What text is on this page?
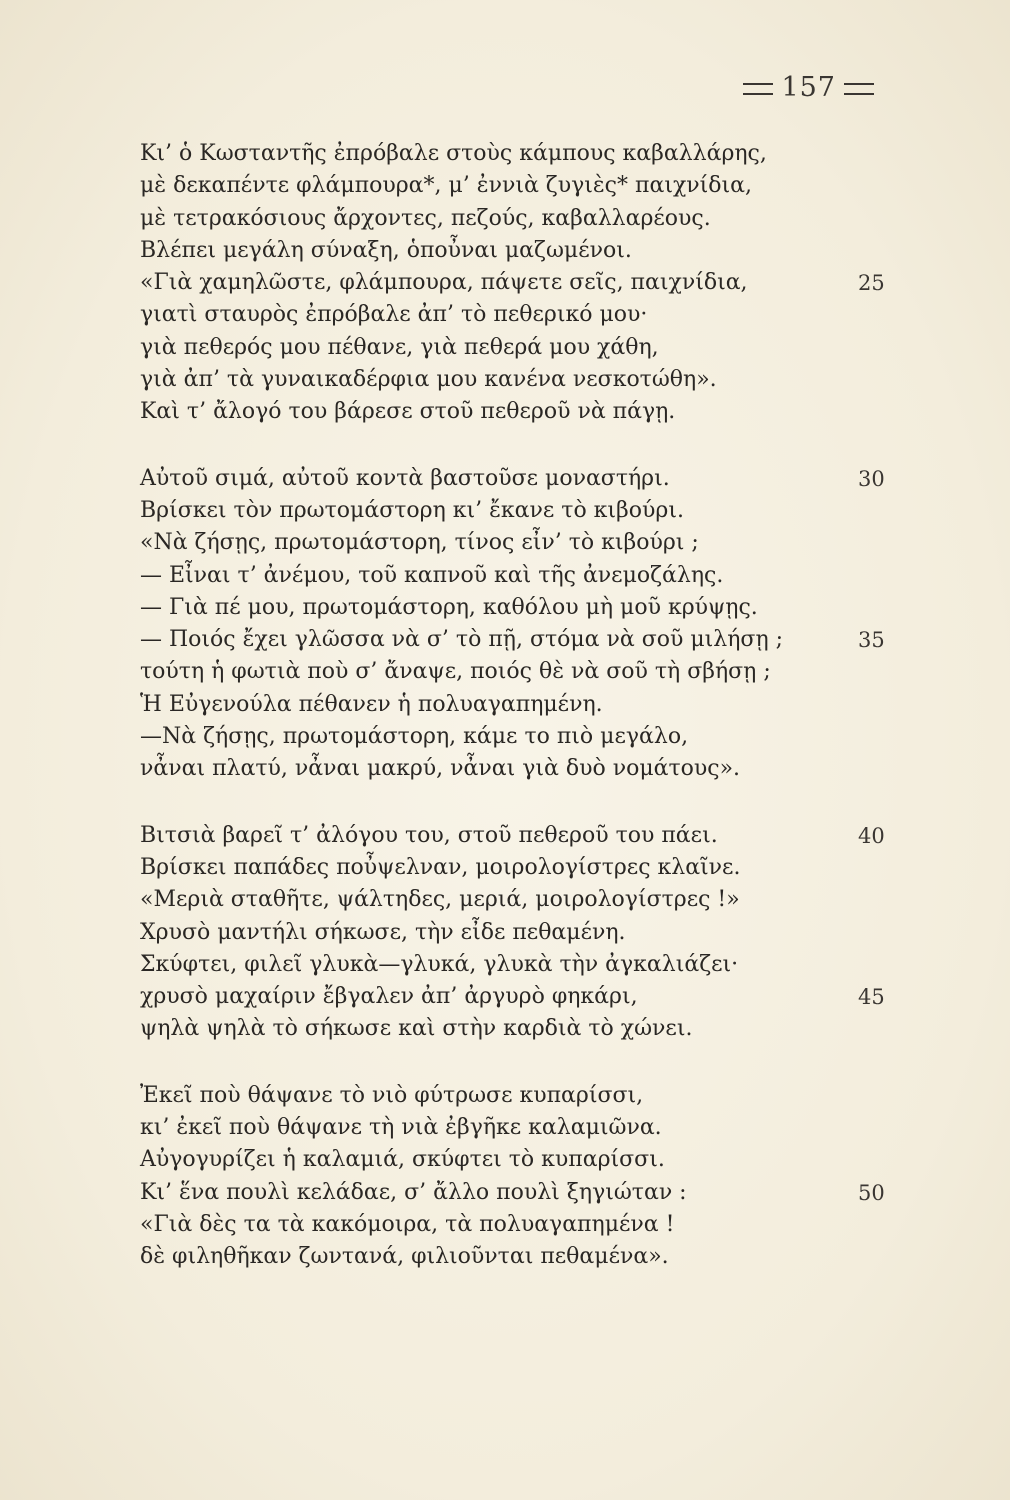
157
Κι’ ὁ Κωσταντῆς ἐπρόβαλε στοὺς κάμπους καβαλλάρης,
μὲ δεκαπέντε φλάμπουρα*, μ’ ἐννιὰ ζυγιὲς* παιχνίδια,
μὲ τετρακόσιους ἄρχοντες, πεζούς, καβαλλαρέους.
Βλέπει μεγάλη σύναξη, ὁποὖναι μαζωμένοι.
«Γιὰ χαμηλῶστε, φλάμπουρα, πάψετε σεῖς, παιχνίδια,	25
γιατὶ σταυρὸς ἐπρόβαλε ἀπ’ τὸ πεθερικό μου·
γιὰ πεθερός μου πέθανε, γιὰ πεθερά μου χάθη,
γιὰ ἀπ’ τὰ γυναικαδέρφια μου κανένα νεσκοτώθη».
Καὶ τ’ ἄλογό του βάρεσε στοῦ πεθεροῦ νὰ πάγῃ.
Αὐτοῦ σιμά, αὐτοῦ κοντὰ βαστοῦσε μοναστήρι.	30
Βρίσκει τὸν πρωτομάστορη κι’ ἔκανε τὸ κιβούρι.
«Νὰ ζήσῃς, πρωτομάστορη, τίνος εἶν’ τὸ κιβούρι ;
— Εἶναι τ’ ἀνέμου, τοῦ καπνοῦ καὶ τῆς ἀνεμοζάλης.
— Γιὰ πέ μου, πρωτομάστορη, καθόλου μὴ μοῦ κρύψῃς.
— Ποιός ἔχει γλῶσσα νὰ σ’ τὸ πῇ, στόμα νὰ σοῦ μιλήσῃ ;	35
τούτη ἡ φωτιὰ ποὺ σ’ ἄναψε, ποιός θὲ νὰ σοῦ τὴ σβήσῃ ;
Ἡ Εὐγενούλα πέθανεν ἡ πολυαγαπημένη.
—Νὰ ζήσῃς, πρωτομάστορη, κάμε το πιὸ μεγάλο,
νἆναι πλατύ, νἆναι μακρύ, νἆναι γιὰ δυὸ νομάτους».
Βιτσιὰ βαρεῖ τ’ ἀλόγου του, στοῦ πεθεροῦ του πάει.	40
Βρίσκει παπάδες ποὖψελναν, μοιρολογίστρες κλαῖνε.
«Μεριὰ σταθῆτε, ψάλτηδες, μεριά, μοιρολογίστρες !»
Χρυσὸ μαντήλι σήκωσε, τὴν εἶδε πεθαμένη.
Σκύφτει, φιλεῖ γλυκὰ—γλυκά, γλυκὰ τὴν ἀγκαλιάζει·
χρυσὸ μαχαίριν ἔβγαλεν ἀπ’ ἀργυρὸ φηκάρι,	45
ψηλὰ ψηλὰ τὸ σήκωσε καὶ στὴν καρδιὰ τὸ χώνει.
Ἐκεῖ ποὺ θάψανε τὸ νιὸ φύτρωσε κυπαρίσσι,
κι’ ἐκεῖ ποὺ θάψανε τὴ νιὰ ἐβγῆκε καλαμιῶνα.
Αὐγογυρίζει ἡ καλαμιά, σκύφτει τὸ κυπαρίσσι.
Κι’ ἕνα πουλὶ κελάδαε, σ’ ἄλλο πουλὶ ξηγιώταν :	50
«Γιὰ δὲς τα τὰ κακόμοιρα, τὰ πολυαγαπημένα !
δὲ φιληθῆκαν ζωντανά, φιλιοῦνται πεθαμένα».
